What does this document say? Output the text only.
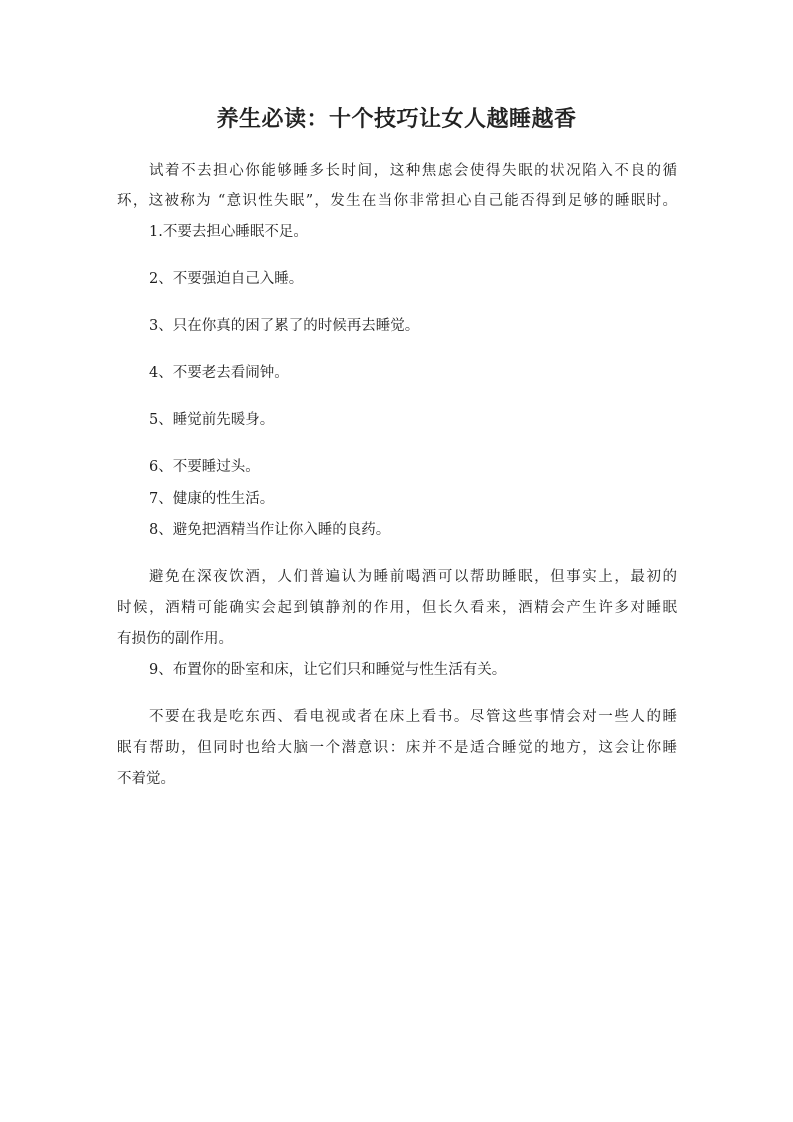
养生必读：十个技巧让女人越睡越香
试着不去担心你能够睡多长时间，这种焦虑会使得失眠的状况陷入不良的循
环，这被称为 “意识性失眠”，发生在当你非常担心自己能否得到足够的睡眠时。
1.不要去担心睡眠不足。
2、不要强迫自己入睡。
3、只在你真的困了累了的时候再去睡觉。
4、不要老去看闹钟。
5、睡觉前先暖身。
6、不要睡过头。
7、健康的性生活。
8、避免把酒精当作让你入睡的良药。
避免在深夜饮酒，人们普遍认为睡前喝酒可以帮助睡眠，但事实上，最初的
时候，酒精可能确实会起到镇静剂的作用，但长久看来，酒精会产生许多对睡眠
有损伤的副作用。
9、布置你的卧室和床，让它们只和睡觉与性生活有关。
不要在我是吃东西、看电视或者在床上看书。尽管这些事情会对一些人的睡
眠有帮助，但同时也给大脑一个潜意识：床并不是适合睡觉的地方，这会让你睡
不着觉。
